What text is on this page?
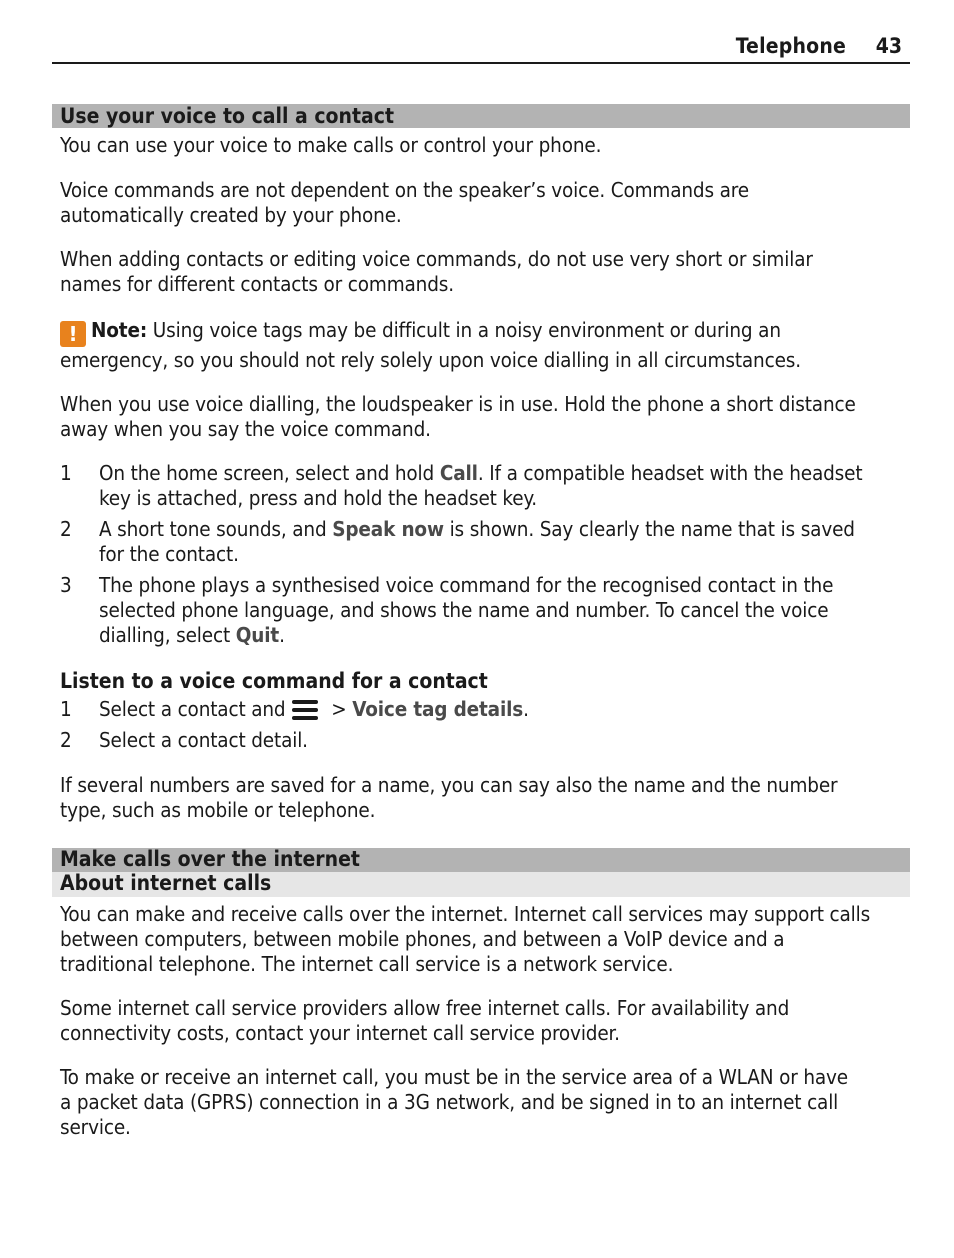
Telephone 43
Use your voice to call a contact
You can use your voice to make calls or control your phone.
Voice commands are not dependent on the speaker’s voice. Commands are
automatically created by your phone.
When adding contacts or editing voice commands, do not use very short or similar
names for different contacts or commands.
! Note: Using voice tags may be difficult in a noisy environment or during an
emergency, so you should not rely solely upon voice dialling in all circumstances.
When you use voice dialling, the loudspeaker is in use. Hold the phone a short distance
away when you say the voice command.
1 On the home screen, select and hold Call. If a compatible headset with the headset
key is attached, press and hold the headset key.
2 A short tone sounds, and Speak now is shown. Say clearly the name that is saved
for the contact.
3 The phone plays a synthesised voice command for the recognised contact in the
selected phone language, and shows the name and number. To cancel the voice
dialling, select Quit.
Listen to a voice command for a contact
1 Select a contact and > Voice tag details.
2 Select a contact detail.
If several numbers are saved for a name, you can say also the name and the number
type, such as mobile or telephone.
Make calls over the internet
About internet calls
You can make and receive calls over the internet. Internet call services may support calls
between computers, between mobile phones, and between a VoIP device and a
traditional telephone. The internet call service is a network service.
Some internet call service providers allow free internet calls. For availability and
connectivity costs, contact your internet call service provider.
To make or receive an internet call, you must be in the service area of a WLAN or have
a packet data (GPRS) connection in a 3G network, and be signed in to an internet call
service.
